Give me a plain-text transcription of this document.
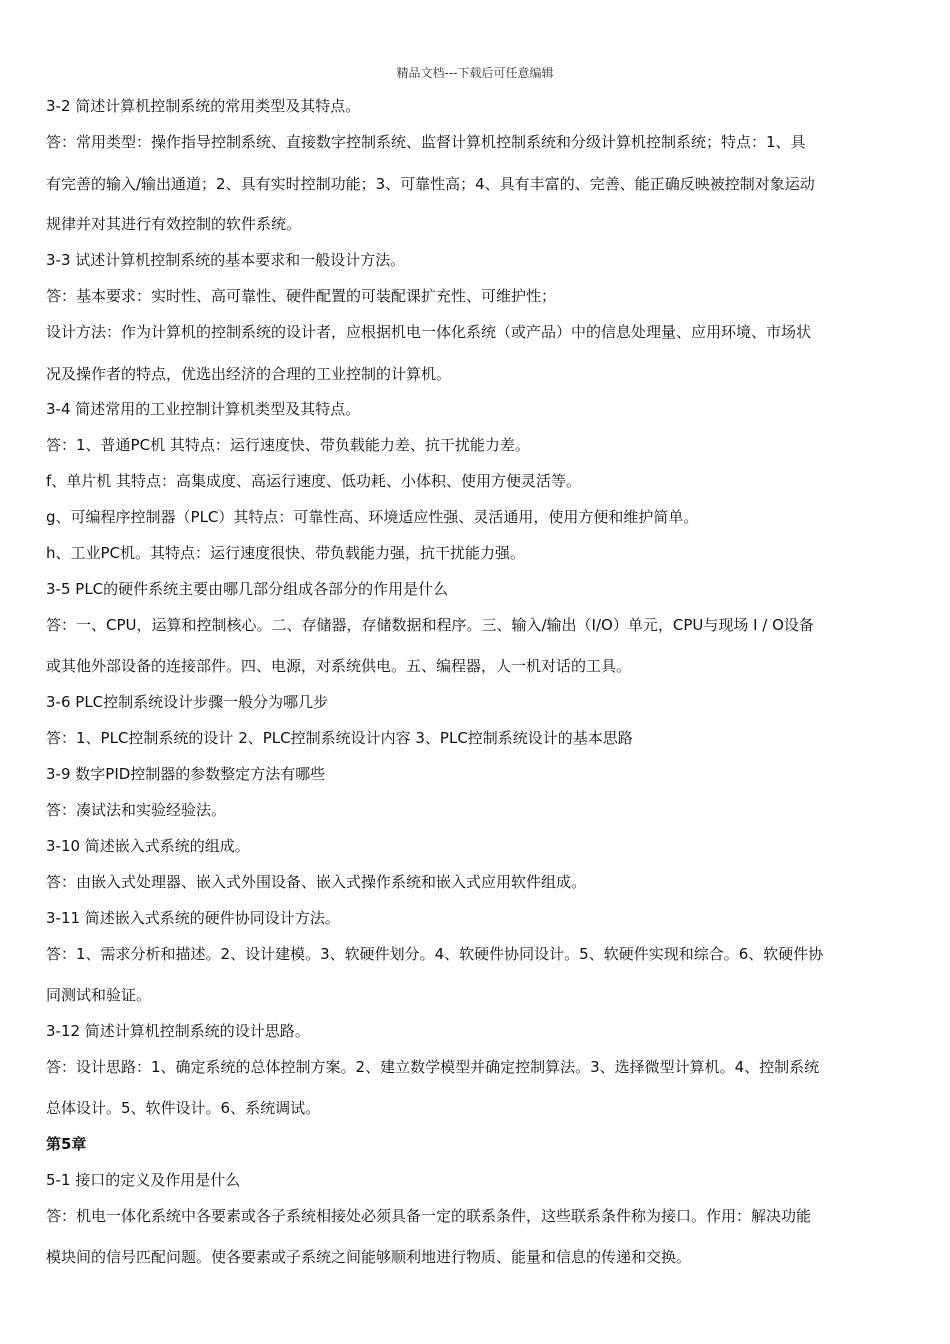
精品文档---下载后可任意编辑
3-2 简述计算机控制系统的常用类型及其特点。
答：常用类型：操作指导控制系统、直接数字控制系统、监督计算机控制系统和分级计算机控制系统；特点：1、具
有完善的输入/输出通道；2、具有实时控制功能；3、可靠性高；4、具有丰富的、完善、能正确反映被控制对象运动
规律并对其进行有效控制的软件系统。
3-3 试述计算机控制系统的基本要求和一般设计方法。
答：基本要求：实时性、高可靠性、硬件配置的可装配课扩充性、可维护性；
设计方法：作为计算机的控制系统的设计者，应根据机电一体化系统（或产品）中的信息处理量、应用环境、市场状
况及操作者的特点，优选出经济的合理的工业控制的计算机。
3-4 简述常用的工业控制计算机类型及其特点。
答：1、普通PC机 其特点：运行速度快、带负载能力差、抗干扰能力差。
f、单片机 其特点：高集成度、高运行速度、低功耗、小体积、使用方便灵活等。
g、可编程序控制器（PLC）其特点：可靠性高、环境适应性强、灵活通用，使用方便和维护简单。
h、工业PC机。其特点：运行速度很快、带负载能力强，抗干扰能力强。
3-5 PLC的硬件系统主要由哪几部分组成各部分的作用是什么
答：一、CPU，运算和控制核心。二、存储器，存储数据和程序。三、输入/输出（I/O）单元，CPU与现场 I / O设备
或其他外部设备的连接部件。四、电源，对系统供电。五、编程器，人一机对话的工具。
3-6 PLC控制系统设计步骤一般分为哪几步
答：1、PLC控制系统的设计 2、PLC控制系统设计内容 3、PLC控制系统设计的基本思路
3-9 数字PID控制器的参数整定方法有哪些
答：凑试法和实验经验法。
3-10 简述嵌入式系统的组成。
答：由嵌入式处理器、嵌入式外围设备、嵌入式操作系统和嵌入式应用软件组成。
3-11 简述嵌入式系统的硬件协同设计方法。
答：1、需求分析和描述。2、设计建模。3、软硬件划分。4、软硬件协同设计。5、软硬件实现和综合。6、软硬件协
同测试和验证。
3-12 简述计算机控制系统的设计思路。
答：设计思路：1、确定系统的总体控制方案。2、建立数学模型并确定控制算法。3、选择微型计算机。4、控制系统
总体设计。5、软件设计。6、系统调试。
第5章
5-1 接口的定义及作用是什么
答：机电一体化系统中各要素或各子系统相接处必须具备一定的联系条件，这些联系条件称为接口。作用：解决功能
模块间的信号匹配问题。使各要素或子系统之间能够顺利地进行物质、能量和信息的传递和交换。
